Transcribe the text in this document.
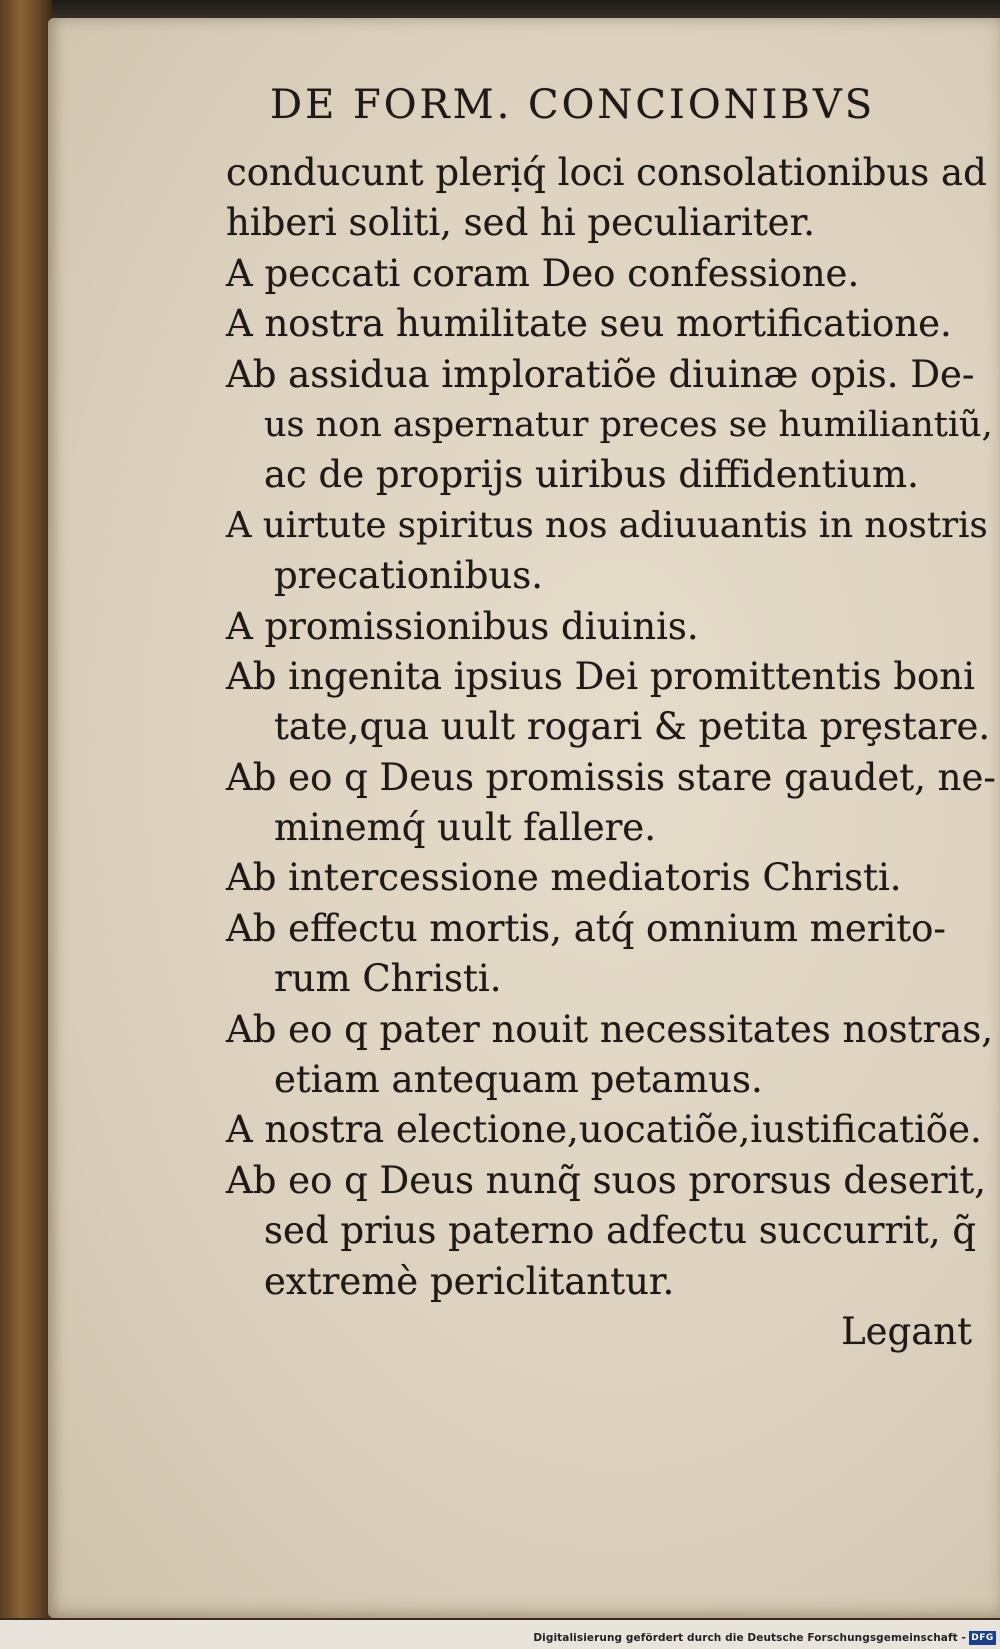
DE FORM. CONCIONIBVS
conducunt plerịq́ loci consolationibus ad
hiberi soliti, sed hi peculiariter.
A peccati coram Deo confessione.
A nostra humilitate seu mortificatione.
Ab assidua imploratiõe diuinæ opis. De-
us non aspernatur preces se humiliantiũ,
ac de proprijs uiribus diffidentium.
A uirtute spiritus nos adiuuantis in nostris
precationibus.
A promissionibus diuinis.
Ab ingenita ipsius Dei promittentis boni
tate,qua uult rogari & petita prȩstare.
Ab eo q Deus promissis stare gaudet, ne-
minemq́ uult fallere.
Ab intercessione mediatoris Christi.
Ab effectu mortis, atq́ omnium merito-
rum Christi.
Ab eo q pater nouit necessitates nostras,
etiam antequam petamus.
A nostra electione,uocatiõe,iustificatiõe.
Ab eo q Deus nunq̃ suos prorsus deserit,
sed prius paterno adfectu succurrit, q̃
extremè periclitantur.
Legant
Digitalisierung gefördert durch die Deutsche Forschungsgemeinschaft - DFG
